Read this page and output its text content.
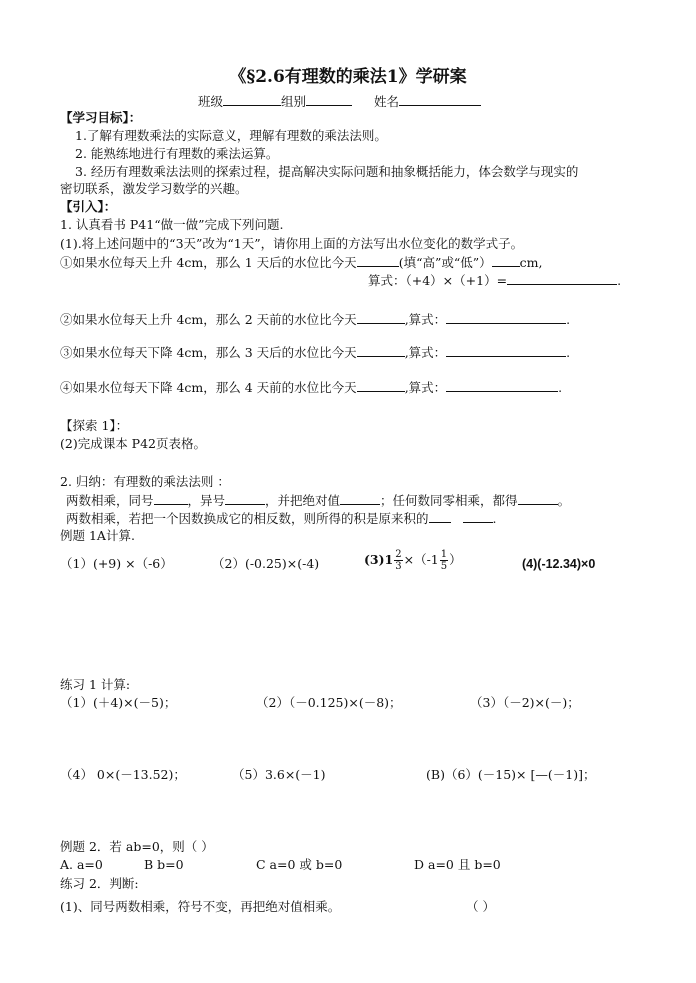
《§2.6有理数的乘法1》学研案
班级	组别	姓名
【学习目标】：
1.了解有理数乘法的实际意义，理解有理数的乘法法则。
2. 能熟练地进行有理数的乘法运算。
3. 经历有理数乘法法则的探索过程，提高解决实际问题和抽象概括能力，体会数学与现实的
密切联系，激发学习数学的兴趣。
【引入】：
1. 认真看书 P41“做一做”完成下列问题.
(1).将上述问题中的“3天”改为“1天”，请你用上面的方法写出水位变化的数学式子。
①如果水位每天上升 4cm，那么 1 天后的水位比今天	(填“高”或“低”） cm,
算式：（+4）×（+1）=	.
②如果水位每天上升 4cm，那么 2 天前的水位比今天	,算式：	.
③如果水位每天下降 4cm，那么 3 天后的水位比今天	,算式：	.
④如果水位每天下降 4cm，那么 4 天前的水位比今天	,算式：	.
【探索 1】：
(2)完成课本 P42页表格。
2. 归纳：有理数的乘法法则 ：
两数相乘，同号	，异号	，并把绝对值	；任何数同零相乘，都得	。
两数相乘，若把一个因数换成它的相反数，则所得的积是原来积的	.
例题 1A计算.
（1）(+9) ×（-6）	（2）(-0.25)×(-4)	$(3)1 \frac{2}{3} \times(-1 \frac{1}{5}$ ）	(4)(-12.34)×0
练习 1 计算:
（1）(＋4)×(－5)；	（2）（－0.125)×(－8)；	（3）（－2)×(－)；
（4） 0×(－13.52)；	（5）3.6×(－1)	(B)（6）(－15)× [—(－1)]；
例题 2．若 ab=0，则（ ）
A. a=0	B b=0	C a=0 或 b=0	D a=0 且 b=0
练习 2．判断:
(1)、同号两数相乘，符号不变，再把绝对值相乘。	（ ）
